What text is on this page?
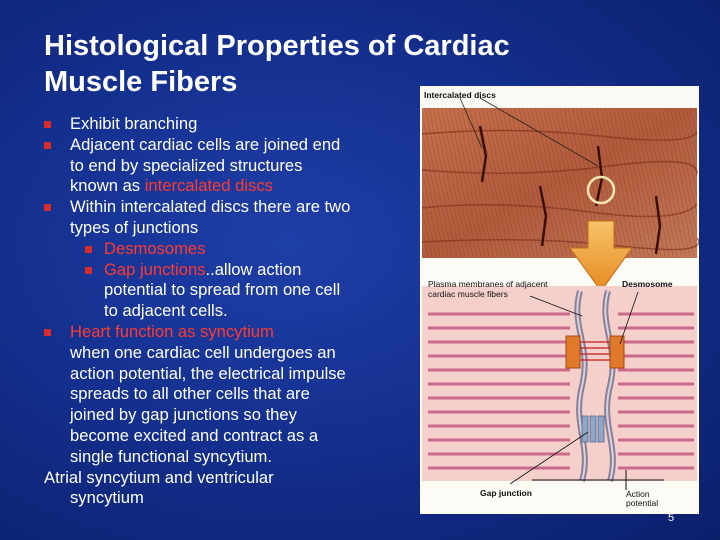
Histological Properties of Cardiac
Muscle Fibers
Exhibit branching
Adjacent cardiac cells are joined end
to end by specialized structures
known as intercalated discs
Within intercalated discs there are two
types of junctions
Desmosomes
Gap junctions..allow action
potential to spread from one cell
to adjacent cells.
Heart function as syncytium
when one cardiac cell undergoes an
action potential, the electrical impulse
spreads to all other cells that are
joined by gap junctions so they
become excited and contract as a
single functional syncytium.
Atrial syncytium and ventricular
syncytium
Intercalated discs
Plasma membranes of adjacent
cardiac muscle fibers
Desmosome
Gap junction	Action
potential
5
